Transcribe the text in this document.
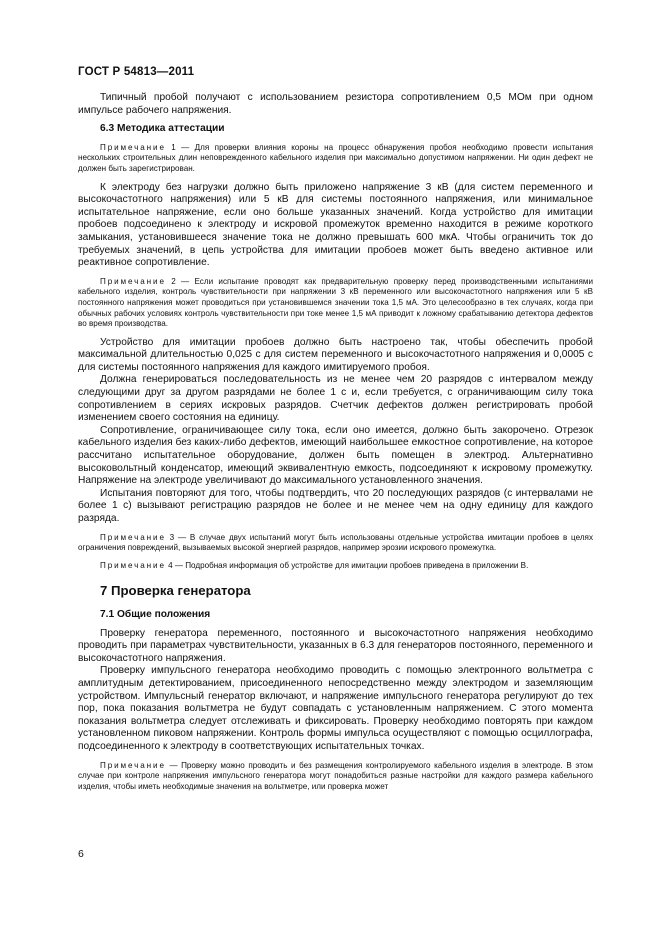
ГОСТ Р 54813—2011

Типичный пробой получают с использованием резистора сопротивлением 0,5 МОм при одном импульсе рабочего напряжения.

6.3 Методика аттестации

Примечание 1 — Для проверки влияния короны на процесс обнаружения пробоя необходимо провести испытания нескольких строительных длин неповрежденного кабельного изделия при максимально допустимом напряжении. Ни один дефект не должен быть зарегистрирован.

К электроду без нагрузки должно быть приложено напряжение 3 кВ (для систем переменного и высокочастотного напряжения) или 5 кВ для системы постоянного напряжения, или минимальное испытательное напряжение, если оно больше указанных значений. Когда устройство для имитации пробоев подсоединено к электроду и искровой промежуток временно находится в режиме короткого замыкания, установившееся значение тока не должно превышать 600 мкА. Чтобы ограничить ток до требуемых значений, в цепь устройства для имитации пробоев может быть введено активное или реактивное сопротивление.

Примечание 2 — Если испытание проводят как предварительную проверку перед производственными испытаниями кабельного изделия, контроль чувствительности при напряжении 3 кВ переменного или высокочастотного напряжения или 5 кВ постоянного напряжения может проводиться при установившемся значении тока 1,5 мА. Это целесообразно в тех случаях, когда при обычных рабочих условиях контроль чувствительности при токе менее 1,5 мА приводит к ложному срабатыванию детектора дефектов во время производства.

Устройство для имитации пробоев должно быть настроено так, чтобы обеспечить пробой максимальной длительностью 0,025 с для систем переменного и высокочастотного напряжения и 0,0005 с для системы постоянного напряжения для каждого имитируемого пробоя.

Должна генерироваться последовательность из не менее чем 20 разрядов с интервалом между следующими друг за другом разрядами не более 1 с и, если требуется, с ограничивающим силу тока сопротивлением в сериях искровых разрядов. Счетчик дефектов должен регистрировать пробой изменением своего состояния на единицу.

Сопротивление, ограничивающее силу тока, если оно имеется, должно быть закорочено. Отрезок кабельного изделия без каких-либо дефектов, имеющий наибольшее емкостное сопротивление, на которое рассчитано испытательное оборудование, должен быть помещен в электрод. Альтернативно высоковольтный конденсатор, имеющий эквивалентную емкость, подсоединяют к искровому промежутку. Напряжение на электроде увеличивают до максимального установленного значения.

Испытания повторяют для того, чтобы подтвердить, что 20 последующих разрядов (с интервалами не более 1 с) вызывают регистрацию разрядов не более и не менее чем на одну единицу для каждого разряда.

Примечание 3 — В случае двух испытаний могут быть использованы отдельные устройства имитации пробоев в целях ограничения повреждений, вызываемых высокой энергией разрядов, например эрозии искрового промежутка.

Примечание 4 — Подробная информация об устройстве для имитации пробоев приведена в приложении В.

7 Проверка генератора
7.1 Общие положения

Проверку генератора переменного, постоянного и высокочастотного напряжения необходимо проводить при параметрах чувствительности, указанных в 6.3 для генераторов постоянного, переменного и высокочастотного напряжения.

Проверку импульсного генератора необходимо проводить с помощью электронного вольтметра с амплитудным детектированием, присоединенного непосредственно между электродом и заземляющим устройством. Импульсный генератор включают, и напряжение импульсного генератора регулируют до тех пор, пока показания вольтметра не будут совпадать с установленным напряжением. С этого момента показания вольтметра следует отслеживать и фиксировать. Проверку необходимо повторять при каждом установленном пиковом напряжении. Контроль формы импульса осуществляют с помощью осциллографа, подсоединенного к электроду в соответствующих испытательных точках.

Примечание — Проверку можно проводить и без размещения контролируемого кабельного изделия в электроде. В этом случае при контроле напряжения импульсного генератора могут понадобиться разные настройки для каждого размера кабельного изделия, чтобы иметь необходимые значения на вольтметре, или проверка может

6
